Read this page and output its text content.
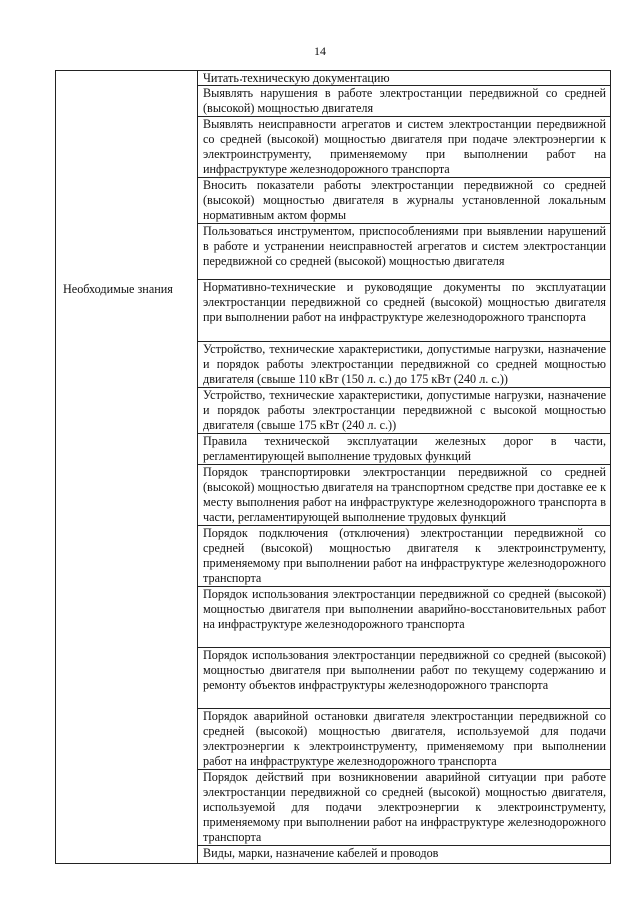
14
Необходимые знания

Читать техническую документацию
Выявлять нарушения в работе электростанции передвижной со средней (высокой) мощностью двигателя
Выявлять неисправности агрегатов и систем электростанции передвижной со средней (высокой) мощностью двигателя при подаче электроэнергии к электроинструменту, применяемому при выполнении работ на инфраструктуре железнодорожного транспорта
Вносить показатели работы электростанции передвижной со средней (высокой) мощностью двигателя в журналы установленной локальным нормативным актом формы
Пользоваться инструментом, приспособлениями при выявлении нарушений в работе и устранении неисправностей агрегатов и систем электростанции передвижной со средней (высокой) мощностью двигателя
Нормативно-технические и руководящие документы по эксплуатации электростанции передвижной со средней (высокой) мощностью двигателя при выполнении работ на инфраструктуре железнодорожного транспорта
Устройство, технические характеристики, допустимые нагрузки, назначение и порядок работы электростанции передвижной со средней мощностью двигателя (свыше 110 кВт (150 л. с.) до 175 кВт (240 л. с.))
Устройство, технические характеристики, допустимые нагрузки, назначение и порядок работы электростанции передвижной с высокой мощностью двигателя (свыше 175 кВт (240 л. с.))
Правила технической эксплуатации железных дорог в части, регламентирующей выполнение трудовых функций
Порядок транспортировки электростанции передвижной со средней (высокой) мощностью двигателя на транспортном средстве при доставке ее к месту выполнения работ на инфраструктуре железнодорожного транспорта в части, регламентирующей выполнение трудовых функций
Порядок подключения (отключения) электростанции передвижной со средней (высокой) мощностью двигателя к электроинструменту, применяемому при выполнении работ на инфраструктуре железнодорожного транспорта
Порядок использования электростанции передвижной со средней (высокой) мощностью двигателя при выполнении аварийно-восстановительных работ на инфраструктуре железнодорожного транспорта
Порядок использования электростанции передвижной со средней (высокой) мощностью двигателя при выполнении работ по текущему содержанию и ремонту объектов инфраструктуры железнодорожного транспорта
Порядок аварийной остановки двигателя электростанции передвижной со средней (высокой) мощностью двигателя, используемой для подачи электроэнергии к электроинструменту, применяемому при выполнении работ на инфраструктуре железнодорожного транспорта
Порядок действий при возникновении аварийной ситуации при работе электростанции передвижной со средней (высокой) мощностью двигателя, используемой для подачи электроэнергии к электроинструменту, применяемому при выполнении работ на инфраструктуре железнодорожного транспорта
Виды, марки, назначение кабелей и проводов
